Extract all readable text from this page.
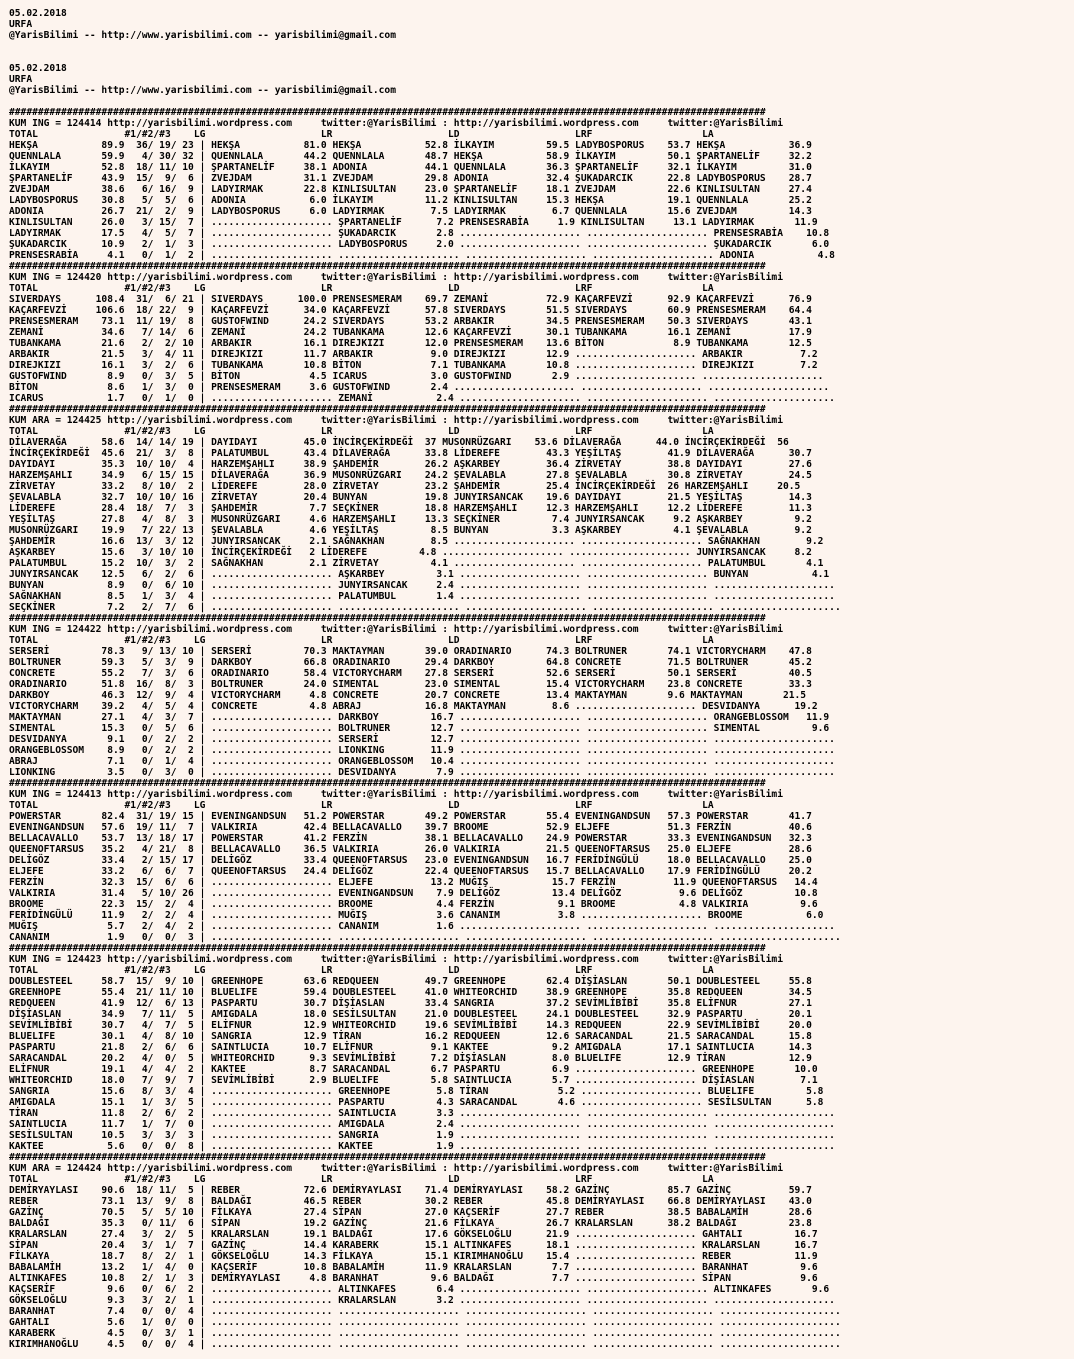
05.02.2018
URFA
@YarisBilimi -- http://www.yarisbilimi.com -- yarisbilimi@gmail.com
05.02.2018
URFA
@YarisBilimi -- http://www.yarisbilimi.com -- yarisbilimi@gmail.com
###################################################################################################################################
KUM ING = 124414 http://yarisbilimi.wordpress.com     twitter:@YarisBilimi : http://yarisbilimi.wordpress.com     twitter:@YarisBilimi
TOTAL               #1/#2/#3    LG                    LR                    LD                    LRF                   LA
HEKŞA           89.9  36/ 19/ 23 | HEKŞA           81.0 HEKŞA           52.8 İLKAYIM         59.5 LADYBOSPORUS    53.7 HEKŞA           36.9
QUENNLALA       59.9   4/ 30/ 32 | QUENNLALA       44.2 QUENNLALA       48.7 HEKŞA           58.9 İLKAYIM         50.1 ŞPARTANELİF     32.2
İLKAYIM         52.8  18/ 11/ 10 | ŞPARTANELİF     38.1 ADONIA          44.1 QUENNLALA       36.3 ŞPARTANELİF     32.1 İLKAYIM         31.0
ŞPARTANELİF     43.9  15/  9/  6 | ZVEJDAM         31.1 ZVEJDAM         29.8 ADONIA          32.4 ŞUKADARCIK      22.8 LADYBOSPORUS    28.7
ZVEJDAM         38.6   6/ 16/  9 | LADYIRMAK       22.8 KINLISULTAN     23.0 ŞPARTANELİF     18.1 ZVEJDAM         22.6 KINLISULTAN     27.4
LADYBOSPORUS    30.8   5/  5/  6 | ADONIA           6.0 İLKAYIM         11.2 KINLISULTAN     15.3 HEKŞA           19.1 QUENNLALA       25.2
ADONIA          26.7  21/  2/  9 | LADYBOSPORUS     6.0 LADYIRMAK        7.5 LADYIRMAK        6.7 QUENNLALA       15.6 ZVEJDAM         14.3
KINLISULTAN     26.0   3/ 15/  7 | ..................... ŞPARTANELİF      7.2 PRENSESRABİA     1.9 KINLISULTAN     13.1 LADYIRMAK       11.9
LADYIRMAK       17.5   4/  5/  7 | ..................... ŞUKADARCIK       2.8 ..................... ..................... PRENSESRABİA    10.8
ŞUKADARCIK      10.9   2/  1/  3 | ..................... LADYBOSPORUS     2.0 ..................... ..................... ŞUKADARCIK       6.0
PRENSESRABİA     4.1   0/  1/  2 | ..................... ..................... ..................... ..................... ADONIA           4.8
###################################################################################################################################
KUM ING = 124420 http://yarisbilimi.wordpress.com     twitter:@YarisBilimi : http://yarisbilimi.wordpress.com     twitter:@YarisBilimi
TOTAL               #1/#2/#3    LG                    LR                    LD                    LRF                   LA
SIVERDAYS      108.4  31/  6/ 21 | SIVERDAYS      100.0 PRENSESMERAM    69.7 ZEMANİ          72.9 KAÇARFEVZİ      92.9 KAÇARFEVZİ      76.9
KAÇARFEVZİ     106.6  18/ 22/  9 | KAÇARFEVZİ      34.0 KAÇARFEVZİ      57.8 SIVERDAYS       51.5 SIVERDAYS       60.9 PRENSESMERAM    64.4
PRENSESMERAM    73.1  11/ 19/  8 | GUSTOFWIND      24.2 SIVERDAYS       53.2 ARBAKIR         34.5 PRENSESMERAM    50.3 SIVERDAYS       43.1
ZEMANİ          34.6   7/ 14/  6 | ZEMANİ          24.2 TUBANKAMA       12.6 KAÇARFEVZİ      30.1 TUBANKAMA       16.1 ZEMANİ          17.9
TUBANKAMA       21.6   2/  2/ 10 | ARBAKIR         16.1 DIREJKIZI       12.0 PRENSESMERAM    13.6 BİTON            8.9 TUBANKAMA       12.5
ARBAKIR         21.5   3/  4/ 11 | DIREJKIZI       11.7 ARBAKIR          9.0 DIREJKIZI       12.9 ..................... ARBAKIR          7.2
DIREJKIZI       16.1   3/  2/  6 | TUBANKAMA       10.8 BİTON            7.1 TUBANKAMA       10.8 ..................... DIREJKIZI        7.2
GUSTOFWIND       8.9   0/  3/  5 | BİTON            4.5 ICARUS           3.0 GUSTOFWIND       2.9 ..................... .....................
BİTON            8.6   1/  3/  0 | PRENSESMERAM     3.6 GUSTOFWIND       2.4 ..................... ..................... .....................
ICARUS           1.7   0/  1/  0 | ..................... ZEMANİ           2.4 ..................... ..................... .....................
###################################################################################################################################
KUM ARA = 124425 http://yarisbilimi.wordpress.com     twitter:@YarisBilimi : http://yarisbilimi.wordpress.com     twitter:@YarisBilimi
TOTAL               #1/#2/#3    LG                    LR                    LD                    LRF                   LA
DİLAVERAĞA      58.6  14/ 14/ 19 | DAYIDAYI        45.0 İNCİRÇEKİRDEĞİ  37 MUSONRÜZGARI    53.6 DİLAVERAĞA      44.0 İNCİRÇEKİRDEĞİ  56
İNCİRÇEKİRDEĞİ  45.6  21/  3/  8 | PALATUMBUL      43.4 DİLAVERAĞA      33.8 LİDEREFE        43.3 YEŞİLTAŞ        41.9 DİLAVERAĞA      30.7
DAYIDAYI        35.3  10/ 10/  4 | HARZEMŞAHLI     38.9 ŞAHDEMİR        26.2 AŞKARBEY        36.4 ZİRVETAY        38.8 DAYIDAYI        27.6
HARZEMŞAHLI     34.9   6/ 15/ 15 | DİLAVERAĞA      36.9 MUSONRÜZGARI    24.2 ŞEVALABLA       27.8 ŞEVALABLA       30.8 ZİRVETAY        24.5
ZİRVETAY        33.2   8/ 10/  2 | LİDEREFE        28.0 ZİRVETAY        23.2 ŞAHDEMİR        25.4 İNCİRÇEKİRDEĞİ  26 HARZEMŞAHLI     20.5
ŞEVALABLA       32.7  10/ 10/ 16 | ZİRVETAY        20.4 BUNYAN          19.8 JUNYIRSANCAK    19.6 DAYIDAYI        21.5 YEŞİLTAŞ        14.3
LİDEREFE        28.4  18/  7/  3 | ŞAHDEMİR         7.7 SEÇKİNER        18.8 HARZEMŞAHLI     12.3 HARZEMŞAHLI     12.2 LİDEREFE        11.3
YEŞİLTAŞ        27.8   4/  8/  3 | MUSONRÜZGARI     4.6 HARZEMŞAHLI     13.3 SEÇKİNER         7.4 JUNYIRSANCAK     9.2 AŞKARBEY         9.2
MUSONRÜZGARI    19.9   7/ 22/ 13 | ŞEVALABLA        4.6 YEŞİLTAŞ         8.5 BUNYAN           3.3 AŞKARBEY         4.1 ŞEVALABLA        9.2
ŞAHDEMİR        16.6  13/  3/ 12 | JUNYIRSANCAK     2.1 SAĞNAKHAN        8.5 ..................... ..................... SAĞNAKHAN        9.2
AŞKARBEY        15.6   3/ 10/ 10 | İNCİRÇEKİRDEĞİ   2 LİDEREFE         4.8 ..................... ..................... JUNYIRSANCAK     8.2
PALATUMBUL      15.2  10/  3/  2 | SAĞNAKHAN        2.1 ZİRVETAY         4.1 ..................... ..................... PALATUMBUL       4.1
JUNYIRSANCAK    12.5   6/  2/  6 | ..................... AŞKARBEY         3.1 ..................... ..................... BUNYAN           4.1
BUNYAN           8.9   0/  6/ 10 | ..................... JUNYIRSANCAK     2.4 ..................... ..................... .....................
SAĞNAKHAN        8.5   1/  3/  4 | ..................... PALATUMBUL       1.4 ..................... ..................... .....................
SEÇKİNER         7.2   2/  7/  6 | ..................... ..................... ..................... ..................... .....................
###################################################################################################################################
KUM ING = 124422 http://yarisbilimi.wordpress.com     twitter:@YarisBilimi : http://yarisbilimi.wordpress.com     twitter:@YarisBilimi
TOTAL               #1/#2/#3    LG                    LR                    LD                    LRF                   LA
SERSERİ         78.3   9/ 13/ 10 | SERSERİ         70.3 MAKTAYMAN       39.0 ORADINARIO      74.3 BOLTRUNER       74.1 VICTORYCHARM    47.8
BOLTRUNER       59.3   5/  3/  9 | DARKBOY         66.8 ORADINARIO      29.4 DARKBOY         64.8 CONCRETE        71.5 BOLTRUNER       45.2
CONCRETE        55.2   7/  3/  6 | ORADINARIO      58.4 VICTORYCHARM    27.8 SERSERİ         52.6 SERSERİ         50.1 SERSERİ         40.5
ORADINARIO      51.8  16/  8/  3 | BOLTRUNER       24.0 SIMENTAL        23.0 SIMENTAL        15.4 VICTORYCHARM    23.8 CONCRETE        33.3
DARKBOY         46.3  12/  9/  4 | VICTORYCHARM     4.8 CONCRETE        20.7 CONCRETE        13.4 MAKTAYMAN       9.6 MAKTAYMAN       21.5
VICTORYCHARM    39.2   4/  5/  4 | CONCRETE         4.8 ABRAJ           16.8 MAKTAYMAN        8.6 ..................... DESVIDANYA      19.2
MAKTAYMAN       27.1   4/  3/  7 | ..................... DARKBOY         16.7 ..................... ..................... ORANGEBLOSSOM   11.9
SIMENTAL        15.3   0/  5/  6 | ..................... BOLTRUNER       12.7 ..................... ..................... SIMENTAL         9.6
DESVIDANYA       9.1   0/  2/  2 | ..................... SERSERİ         12.7 ..................... ..................... .....................
ORANGEBLOSSOM    8.9   0/  2/  2 | ..................... LIONKING        11.9 ..................... ..................... .....................
ABRAJ            7.1   0/  1/  4 | ..................... ORANGEBLOSSOM   10.4 ..................... ..................... .....................
LIONKING         3.5   0/  3/  0 | ..................... DESVIDANYA       7.9 ..................... ..................... .....................
###################################################################################################################################
KUM ING = 124413 http://yarisbilimi.wordpress.com     twitter:@YarisBilimi : http://yarisbilimi.wordpress.com     twitter:@YarisBilimi
TOTAL               #1/#2/#3    LG                    LR                    LD                    LRF                   LA
POWERSTAR       82.4  31/ 19/ 15 | EVENINGANDSUN   51.2 POWERSTAR       49.2 POWERSTAR       55.4 EVENINGANDSUN   57.3 POWERSTAR       41.7
EVENINGANDSUN   57.6  19/ 11/  7 | VALKIRIA        42.4 BELLACAVALLO    39.7 BROOME          52.9 ELJEFE          51.3 FERZİN          40.6
BELLACAVALLO    53.7  13/ 18/ 17 | POWERSTAR       41.2 FERZİN          38.1 BELLACAVALLO    24.9 POWERSTAR       33.3 EVENINGANDSUN   32.3
QUEENOFTARSUS   35.2   4/ 21/  8 | BELLACAVALLO    36.5 VALKIRIA        26.0 VALKIRIA        21.5 QUEENOFTARSUS   25.0 ELJEFE          28.6
DELİGÖZ         33.4   2/ 15/ 17 | DELİGÖZ         33.4 QUEENOFTARSUS   23.0 EVENINGANDSUN   16.7 FERİDİNGÜLÜ     18.0 BELLACAVALLO    25.0
ELJEFE          33.2   6/  6/  7 | QUEENOFTARSUS   24.4 DELİGÖZ         22.4 QUEENOFTARSUS   15.7 BELLACAVALLO    17.9 FERİDİNGÜLÜ     20.2
FERZİN          32.3  15/  6/  6 | ..................... ELJEFE          13.2 MUĞIŞ           15.7 FERZİN          11.9 QUEENOFTARSUS   14.4
VALKIRIA        31.4   5/ 10/ 26 | ..................... EVENINGANDSUN    7.9 DELİGÖZ         13.4 DELİGÖZ          9.6 DELİGÖZ         10.8
BROOME          22.3  15/  2/  4 | ..................... BROOME           4.4 FERZİN           9.1 BROOME           4.8 VALKIRIA         9.6
FERİDİNGÜLÜ     11.9   2/  2/  4 | ..................... MUĞIŞ            3.6 CANANIM          3.8 ..................... BROOME           6.0
MUĞIŞ            5.7   2/  4/  2 | ..................... CANANIM          1.6 ..................... ..................... .....................
CANANIM          1.9   0/  0/  3 | ..................... ..................... ..................... ..................... .....................
###################################################################################################################################
KUM ING = 124423 http://yarisbilimi.wordpress.com     twitter:@YarisBilimi : http://yarisbilimi.wordpress.com     twitter:@YarisBilimi
TOTAL               #1/#2/#3    LG                    LR                    LD                    LRF                   LA
DOUBLESTEEL     58.7  15/  9/ 10 | GREENHOPE       63.6 REDQUEEN        49.7 GREENHOPE       62.4 DİŞİASLAN       50.1 DOUBLESTEEL     55.8
GREENHOPE       55.4  21/ 11/ 10 | BLUELIFE        59.4 DOUBLESTEEL     41.0 WHITEORCHID     38.9 GREENHOPE       35.8 REDQUEEN        34.5
REDQUEEN        41.9  12/  6/ 13 | PASPARTU        30.7 DİŞİASLAN       33.4 SANGRIA         37.2 SEVİMLİBİBİ     35.8 ELİFNUR         27.1
DİŞİASLAN       34.9   7/ 11/  5 | AMIGDALA        18.0 SESİLSULTAN     21.0 DOUBLESTEEL     24.1 DOUBLESTEEL     32.9 PASPARTU        20.1
SEVİMLİBİBİ     30.7   4/  7/  5 | ELİFNUR         12.9 WHITEORCHID     19.6 SEVİMLİBİBİ     14.3 REDQUEEN        22.9 SEVİMLİBİBİ     20.0
BLUELIFE        30.1   4/  8/ 10 | SANGRIA         12.9 TİRAN           16.2 REDQUEEN        12.6 SARACANDAL      21.5 SARACANDAL      15.8
PASPARTU        21.8   2/  6/  6 | SAINTLUCIA      10.7 ELİFNUR          9.1 KAKTEE           9.2 AMIGDALA        17.1 SAINTLUCIA      14.3
SARACANDAL      20.2   4/  0/  5 | WHITEORCHID      9.3 SEVİMLİBİBİ      7.2 DİŞİASLAN        8.0 BLUELIFE        12.9 TİRAN           12.9
ELİFNUR         19.1   4/  4/  2 | KAKTEE           8.7 SARACANDAL       6.7 PASPARTU         6.9 ..................... GREENHOPE       10.0
WHITEORCHID     18.0   7/  9/  7 | SEVİMLİBİBİ      2.9 BLUELIFE         5.8 SAINTLUCIA       5.7 ..................... DİŞİASLAN        7.1
SANGRIA         15.6   8/  3/  4 | ..................... GREENHOPE        5.8 TİRAN            5.2 ..................... BLUELIFE         5.8
AMIGDALA        15.1   1/  3/  5 | ..................... PASPARTU         4.3 SARACANDAL       4.6 ..................... SESİLSULTAN      5.8
TİRAN           11.8   2/  6/  2 | ..................... SAINTLUCIA       3.3 ..................... ..................... .....................
SAINTLUCIA      11.7   1/  7/  0 | ..................... AMIGDALA         2.4 ..................... ..................... .....................
SESİLSULTAN     10.5   3/  3/  3 | ..................... SANGRIA          1.9 ..................... ..................... .....................
KAKTEE           5.6   0/  0/  8 | ..................... KAKTEE           1.9 ..................... ..................... .....................
###################################################################################################################################
KUM ARA = 124424 http://yarisbilimi.wordpress.com     twitter:@YarisBilimi : http://yarisbilimi.wordpress.com     twitter:@YarisBilimi
TOTAL               #1/#2/#3    LG                    LR                    LD                    LRF                   LA
DEMİRYAYLASI    90.6  18/ 11/  5 | REBER           72.6 DEMİRYAYLASI    71.4 DEMİRYAYLASI    58.2 GAZİNÇ          85.7 GAZİNÇ          59.7
REBER           73.1  13/  9/  8 | BALDAĞI         46.5 REBER           30.2 REBER           45.8 DEMİRYAYLASI    66.8 DEMİRYAYLASI    43.0
GAZİNÇ          70.5   5/  5/ 10 | FİLKAYA         27.4 SİPAN           27.0 KAÇSERİF        27.7 REBER           38.5 BABALAMİH       28.6
BALDAĞI         35.3   0/ 11/  6 | SİPAN           19.2 GAZİNÇ          21.6 FİLKAYA         26.7 KRALARSLAN      38.2 BALDAĞI         23.8
KRALARSLAN      27.4   3/  2/  5 | KRALARSLAN      19.1 BALDAĞI         17.6 GÖKSELOĞLU      21.9 ..................... GAHTALI         16.7
SİPAN           20.4   3/  1/  7 | GAZİNÇ          14.4 KARABERK        15.1 ALTINKAFES      18.1 ..................... KRALARSLAN      16.7
FİLKAYA         18.7   8/  2/  1 | GÖKSELOĞLU      14.3 FİLKAYA         15.1 KIRIMHANOĞLU    15.4 ..................... REBER           11.9
BABALAMİH       13.2   1/  4/  0 | KAÇSERİF        10.8 BABALAMİH       11.9 KRALARSLAN       7.7 ..................... BARANHAT         9.6
ALTINKAFES      10.8   2/  1/  3 | DEMİRYAYLASI     4.8 BARANHAT         9.6 BALDAĞI          7.7 ..................... SİPAN            9.6
KAÇSERİF         9.6   0/  6/  2 | ..................... ALTINKAFES       6.4 ..................... ..................... ALTINKAFES       9.6
GÖKSELOĞLU       9.3   3/  2/  1 | ..................... KRALARSLAN       3.2 ..................... ..................... .....................
BARANHAT         7.4   0/  0/  4 | ..................... ..................... ..................... ..................... .....................
GAHTALI          5.6   1/  0/  0 | ..................... ..................... ..................... ..................... .....................
KARABERK         4.5   0/  3/  1 | ..................... ..................... ..................... ..................... .....................
KIRIMHANOĞLU     4.5   0/  0/  4 | ..................... ..................... ..................... ..................... .....................
